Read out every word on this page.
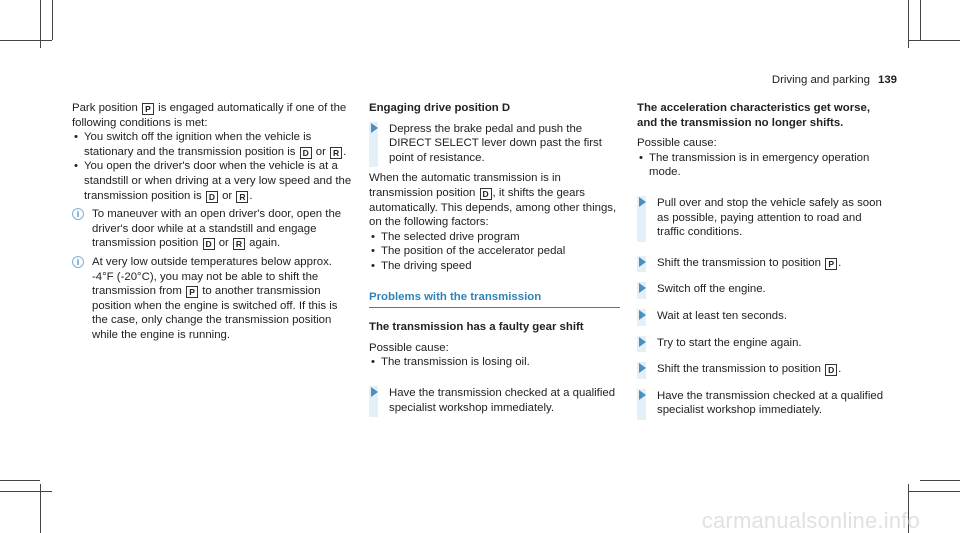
Driving and parking 139

Park position P is engaged automatically if one of the following conditions is met:

• You switch off the ignition when the vehicle is stationary and the transmission position is D or R .

• You open the driver's door when the vehicle is at a standstill or when driving at a very low speed and the transmission position is D or R .

i	To maneuver with an open driver's door, open the driver's door while at a standstill and engage transmission position D or R again.
i	At very low outside temperatures below approx. -4°F (-20°C), you may not be able to shift the transmission from P to another transmission position when the engine is switched off. If this is the case, only change the transmission position while the engine is running.

Engaging drive position D

Depress the brake pedal and push the DIRECT SELECT lever down past the first point of resistance.

When the automatic transmission is in transmission position D , it shifts the gears automatically. This depends, among other things, on the following factors:

• The selected drive program

• The position of the accelerator pedal

• The driving speed

Problems with the transmission

The transmission has a faulty gear shift

Possible cause:

• The transmission is losing oil.

Have the transmission checked at a qualified specialist workshop immediately.

The acceleration characteristics get worse, and the transmission no longer shifts.

Possible cause:

• The transmission is in emergency operation mode.

Pull over and stop the vehicle safely as soon as possible, paying attention to road and traffic conditions.
Shift the transmission to position P .
Switch off the engine.
Wait at least ten seconds.
Try to start the engine again.
Shift the transmission to position D .
Have the transmission checked at a qualified specialist workshop immediately.
carmanualsonline.info
